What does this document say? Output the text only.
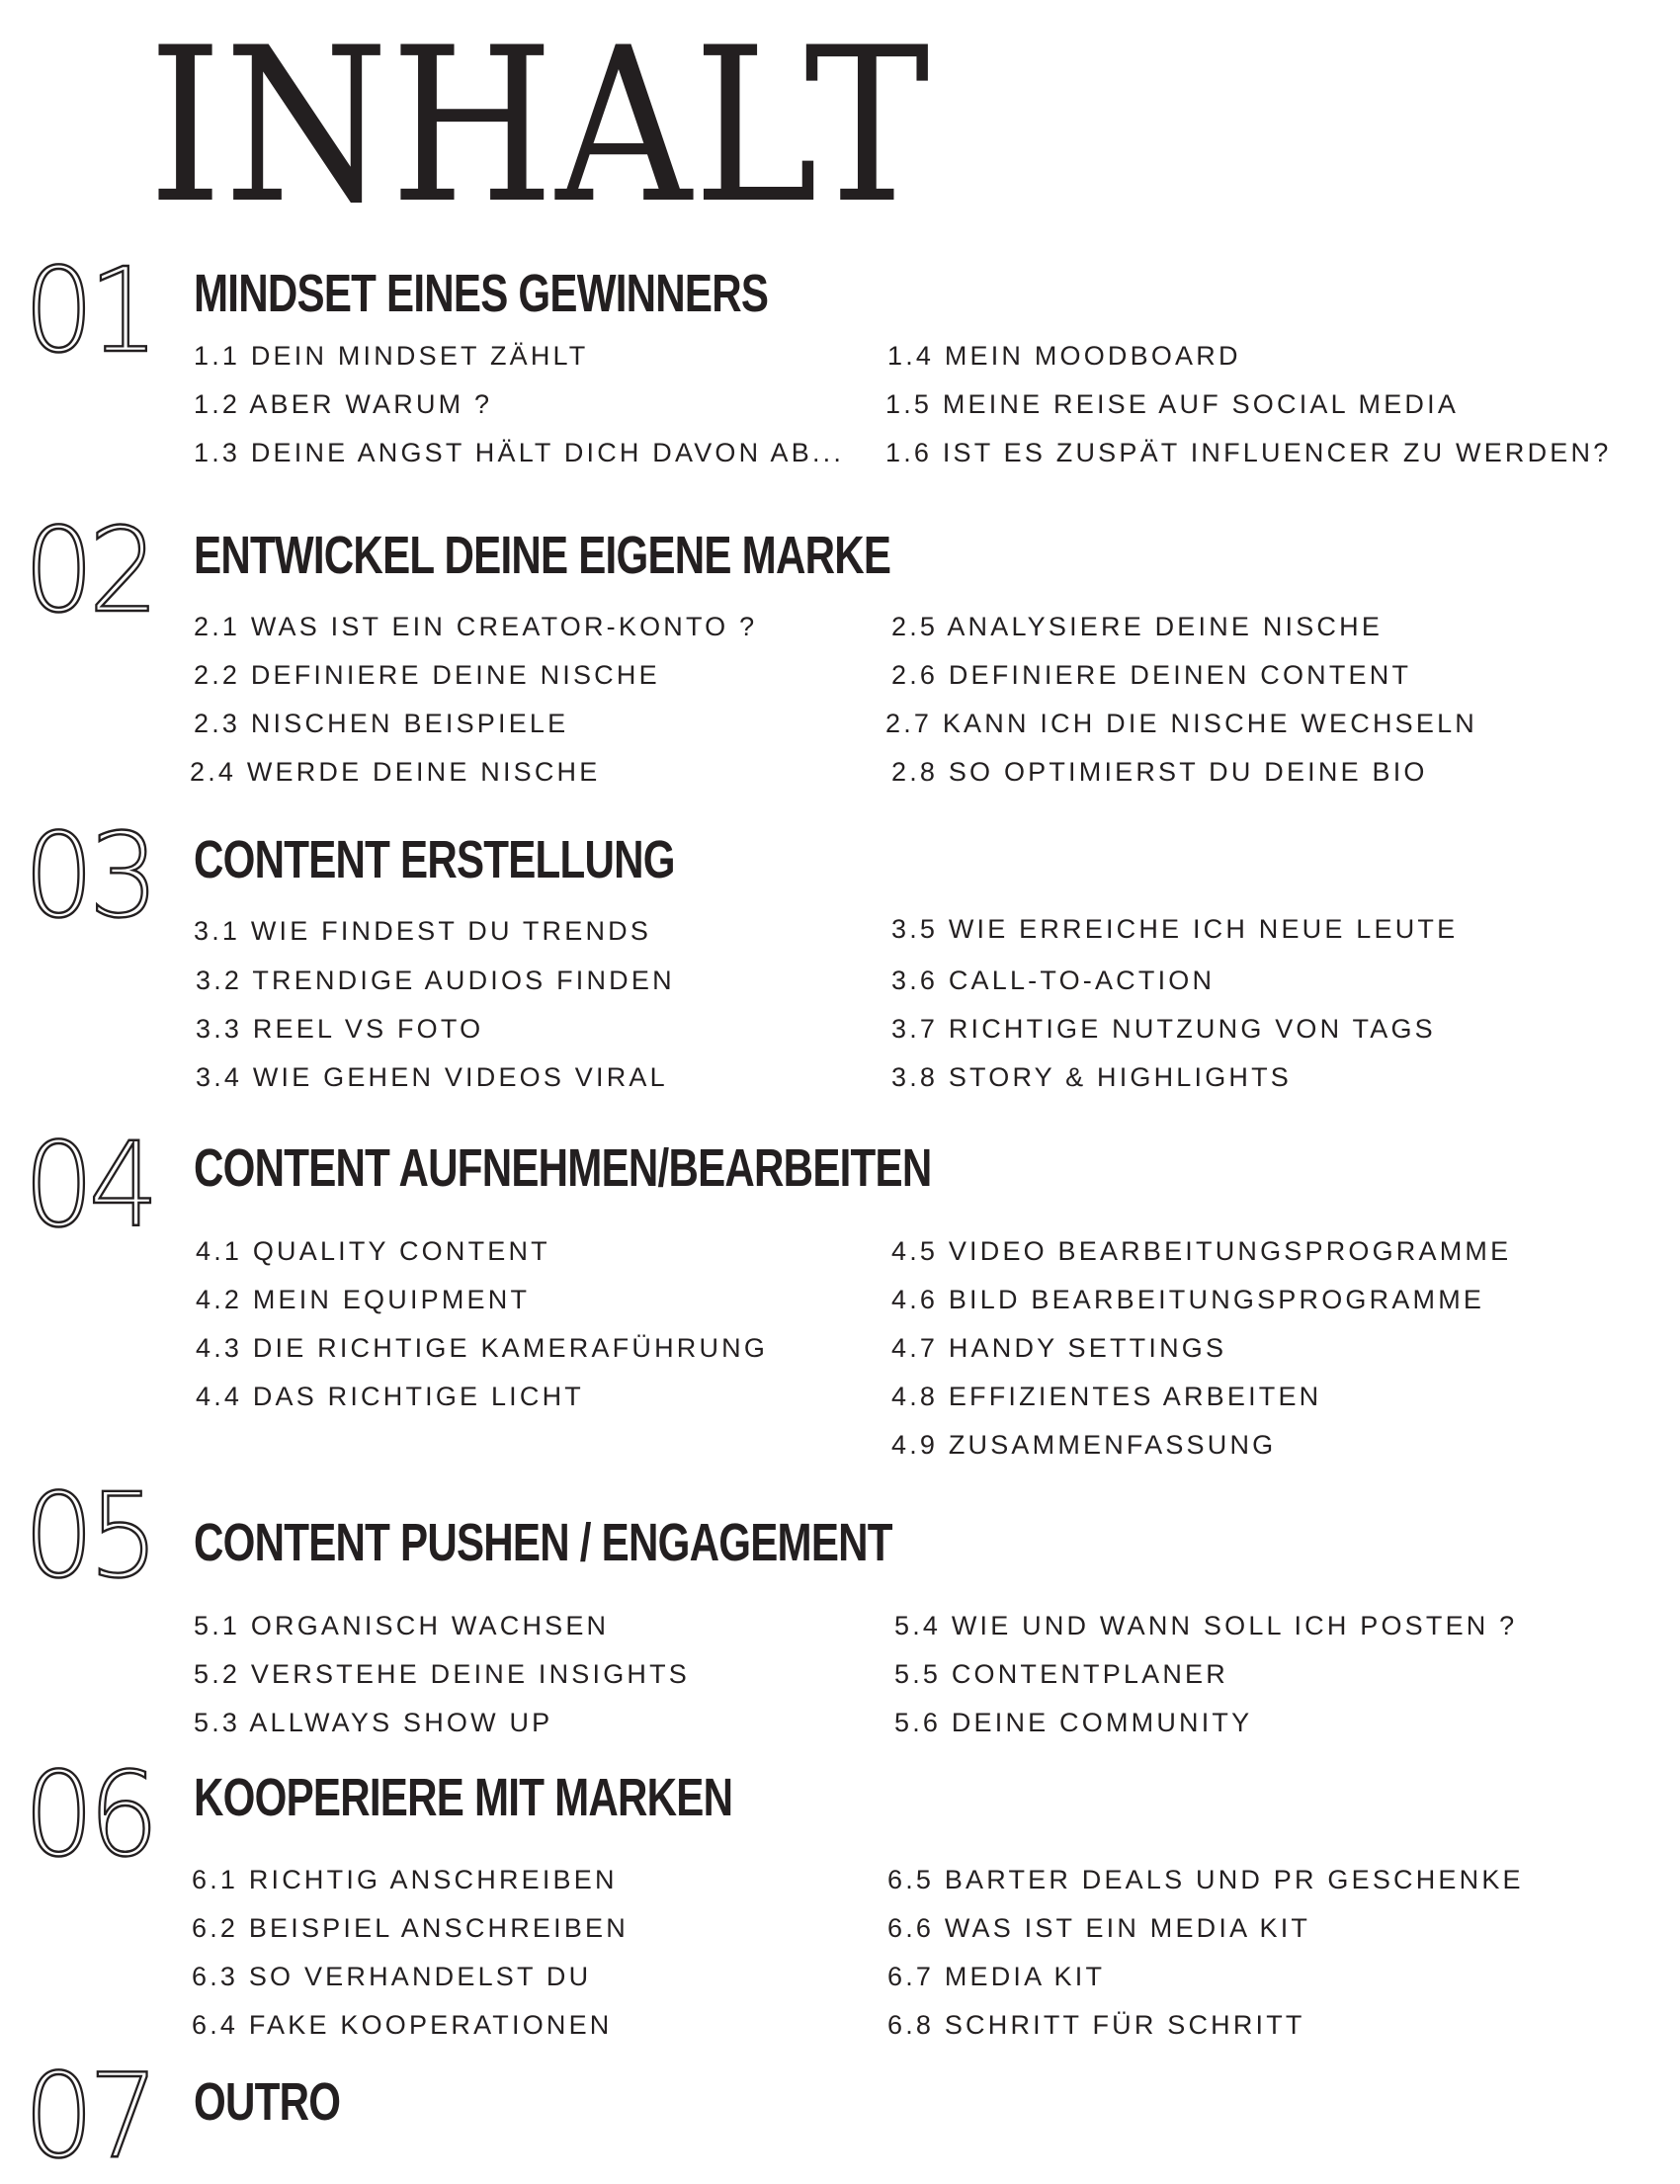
INHALT
01 MINDSET EINES GEWINNERS
1.1 DEIN MINDSET ZÄHLT
1.2 ABER WARUM ?
1.3 DEINE ANGST HÄLT DICH DAVON AB...
1.4 MEIN MOODBOARD
1.5 MEINE REISE AUF SOCIAL MEDIA
1.6 IST ES ZUSPÄT INFLUENCER ZU WERDEN?
02 ENTWICKEL DEINE EIGENE MARKE
2.1 WAS IST EIN CREATOR-KONTO ?
2.2 DEFINIERE DEINE NISCHE
2.3 NISCHEN BEISPIELE
2.4 WERDE DEINE NISCHE
2.5 ANALYSIERE DEINE NISCHE
2.6 DEFINIERE DEINEN CONTENT
2.7 KANN ICH DIE NISCHE WECHSELN
2.8 SO OPTIMIERST DU DEINE BIO
03 CONTENT ERSTELLUNG
3.1 WIE FINDEST DU TRENDS
3.2 TRENDIGE AUDIOS FINDEN
3.3 REEL VS FOTO
3.4 WIE GEHEN VIDEOS VIRAL
3.5 WIE ERREICHE ICH NEUE LEUTE
3.6 CALL-TO-ACTION
3.7 RICHTIGE NUTZUNG VON TAGS
3.8 STORY & HIGHLIGHTS
04 CONTENT AUFNEHMEN/BEARBEITEN
4.1 QUALITY CONTENT
4.2 MEIN EQUIPMENT
4.3 DIE RICHTIGE KAMERAFÜHRUNG
4.4 DAS RICHTIGE LICHT
4.5 VIDEO BEARBEITUNGSPROGRAMME
4.6 BILD BEARBEITUNGSPROGRAMME
4.7 HANDY SETTINGS
4.8 EFFIZIENTES ARBEITEN
4.9 ZUSAMMENFASSUNG
05 CONTENT PUSHEN / ENGAGEMENT
5.1 ORGANISCH WACHSEN
5.2 VERSTEHE DEINE INSIGHTS
5.3 ALLWAYS SHOW UP
5.4 WIE UND WANN SOLL ICH POSTEN ?
5.5 CONTENTPLANER
5.6 DEINE COMMUNITY
06 KOOPERIERE MIT MARKEN
6.1 RICHTIG ANSCHREIBEN
6.2 BEISPIEL ANSCHREIBEN
6.3 SO VERHANDELST DU
6.4 FAKE KOOPERATIONEN
6.5 BARTER DEALS UND PR GESCHENKE
6.6 WAS IST EIN MEDIA KIT
6.7 MEDIA KIT
6.8 SCHRITT FÜR SCHRITT
07 OUTRO
